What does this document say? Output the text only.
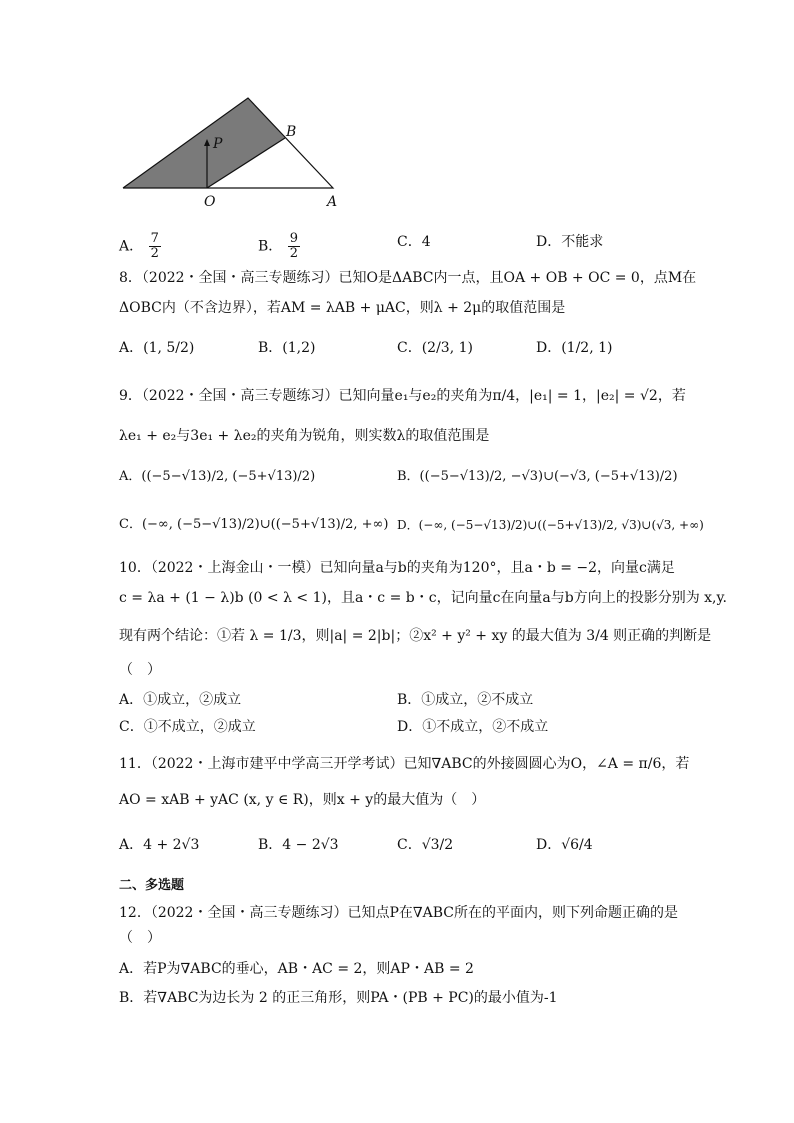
P
B
O	A
A． $\frac{7}{2}$	B． $\frac{9}{2}$	C．4	D．不能求
8．（2022・全国・高三专题练习）已知O是ΔABC内一点，且OA + OB + OC = 0，点M在
ΔOBC内（不含边界），若AM = λAB + μAC，则λ + 2μ的取值范围是
A．(1, 5/2)	B．(1,2)	C．(2/3, 1)	D．(1/2, 1)
9．（2022・全国・高三专题练习）已知向量e₁与e₂的夹角为π/4，|e₁| = 1，|e₂| = √2，若
λe₁ + e₂与3e₁ + λe₂的夹角为锐角，则实数λ的取值范围是
A．((−5−√13)/2, (−5+√13)/2)	B．((−5−√13)/2, −√3)∪(−√3, (−5+√13)/2)
C．(−∞, (−5−√13)/2)∪((−5+√13)/2, +∞) D．(−∞, (−5−√13)/2)∪((−5+√13)/2, √3)∪(√3, +∞)
10．（2022・上海金山・一模）已知向量a与b的夹角为120°，且a・b = −2，向量c满足
c = λa + (1 − λ)b (0 < λ < 1)，且a・c = b・c，记向量c在向量a与b方向上的投影分别为 x,y.
现有两个结论：①若 λ = 1/3，则|a| = 2|b|；②x² + y² + xy 的最大值为 3/4 则正确的判断是
（　）
A．①成立，②成立	B．①成立，②不成立
C．①不成立，②成立	D．①不成立，②不成立
11．（2022・上海市建平中学高三开学考试）已知∇ABC的外接圆圆心为O，∠A = π/6，若
AO = xAB + yAC (x, y ∈ R)，则x + y的最大值为（　）
A．4 + 2√3	B．4 − 2√3	C．√3/2	D．√6/4
二、多选题
12．（2022・全国・高三专题练习）已知点P在∇ABC所在的平面内，则下列命题正确的是
（　）
A．若P为∇ABC的垂心，AB・AC = 2，则AP・AB = 2
B．若∇ABC为边长为 2 的正三角形，则PA・(PB + PC)的最小值为-1
